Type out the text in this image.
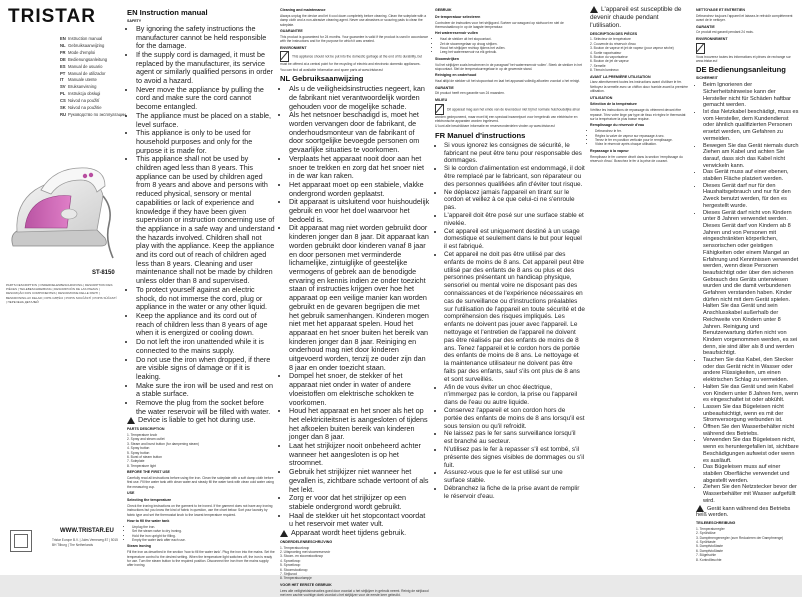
TRISTAR
EN Instruction manual
NL Gebruiksaanwijzing
FR Mode d'emploi
DE Bedienungsanleitung
ES Manual de usuario
PT Manual de utilizador
IT Manuale utente
SV Bruksanvisning
PL Instrukcja obsługi
CS Návod na použití
SK Návod na použitie
RU Руководство по эксплуатации
ST-8150
PARTS DESCRIPTION | ONDERDELENBESCHRIJVING | DESCRIPTION DES PIÈCES | TEILEBESCHREIBUNG | DESCRIPCIÓN DE LAS PIEZAS | DESCRIÇÃO DOS COMPONENTES | DESCRIZIONE DELLE PARTI | BESKRIVNING AV DELAR | OPIS CZĘŚCI | POPIS SOUČÁSTÍ | POPIS SÚČASTÍ | ПЕРЕЧЕНЬ ДЕТАЛЕЙ
WWW.TRISTAR.EU
Tristar Europe B.V. | Jules Verneweg 87 | 5015 BH Tilburg | The Netherlands
EN Instruction manual
SAFETY
• By ignoring the safety instructions the manufacturer cannot be held responsible for the damage.
• If the supply cord is damaged, it must be replaced by the manufacturer, its service agent or similarly qualified persons in order to avoid a hazard.
• Never move the appliance by pulling the cord and make sure the cord cannot become entangled.
• The appliance must be placed on a stable, level surface.
• This appliance is only to be used for household purposes and only for the purpose it is made for.
• This appliance shall not be used by children aged less than 8 years. This appliance can be used by children aged from 8 years and above and persons with reduced physical, sensory or mental capabilities or lack of experience and knowledge if they have been given supervision or instruction concerning use of the appliance in a safe way and understand the hazards involved. Children shall not play with the appliance. Keep the appliance and its cord out of reach of children aged less than 8 years. Cleaning and user maintenance shall not be made by children unless older than 8 and supervised.
• To protect yourself against an electric shock, do not immerse the cord, plug or appliance in the water or any other liquid.
• Keep the appliance and its cord out of reach of children less than 8 years of age when it is energized or cooling down.
• Do not left the iron unattended while it is connected to the mains supply.
• Do not use the iron when dropped, if there are visible signs of damage or if it is leaking.
• Make sure the iron will be used and rest on a stable surface.
• Remove the plug from the socket before the water reservoir will be filled with water.

Device is liable to get hot during use.

PARTS DESCRIPTION
1. Temperature knob
2. Spray and steam outlet
3. Steam and burst button (for dampening steam)
4. Spray button
5. Spray button
6. Burst of steam button
7. Soleplate
8. Temperature light
BEFORE THE FIRST USE

Carefully read all instructions before using the iron. Clean the soleplate with a soft damp cloth before first use. Fill the water tank with clean water and steady fill the water tank with clean cold water using the measuring cup.

USE
Selecting the temperature

Check the ironing instructions on the garment to be ironed. If the garment does not have any ironing instructions but you know the kind of fabric in question, use the chart below. Sort your laundry by fabric type and set the thermostat knob to the lowest temperature required.

How to fill the water tank
• Unplug the iron.
• Set the steam valve to dry ironing.
• Hold the iron upright for filling.
• Empty the water tank after each use.
Steam ironing

Fill the iron as described in the section 'how to fill the water tank'. Plug the iron into the mains. Set the temperature control to the desired setting. When the temperature light switches off, the iron is ready for use. Turn the steam button to the required position. Disconnect the iron from the mains supply after ironing.

Cleaning and maintenance

Always unplug the device and let it cool down completely before cleaning. Clean the soleplate with a damp cloth and a non-abrasive cleaning agent. Never use abrasives or scouring pads to clean the soleplate.

GUARANTEE

This product is guaranteed for 24 months. Your guarantee is valid if the product is used in accordance with the instructions and for the purpose for which it was created.

ENVIRONMENT

This appliance should not be put into the domestic garbage at the end of its durability, but must be offered at a central point for the recycling of electric and electronic domestic appliances.

You can find all available information and spare parts at www.tristar.eu!

NL Gebruiksaanwijzing
• Als u de veiligheidsinstructies negeert, kan de fabrikant niet verantwoordelijk worden gehouden voor de mogelijke schade.
• Als het netsnoer beschadigd is, moet het worden vervangen door de fabrikant, de onderhoudsmonteur van de fabrikant of door soortgelijke bevoegde personen om gevaarlijke situaties te voorkomen.
• Verplaats het apparaat nooit door aan het snoer te trekken en zorg dat het snoer niet in de war kan raken.
• Het apparaat moet op een stabiele, vlakke ondergrond worden geplaatst.
• Dit apparaat is uitsluitend voor huishoudelijk gebruik en voor het doel waarvoor het bedoeld is.
• Dit apparaat mag niet worden gebruikt door kinderen jonger dan 8 jaar. Dit apparaat kan worden gebruikt door kinderen vanaf 8 jaar en door personen met verminderde lichamelijke, zintuiglijke of geestelijke vermogens of gebrek aan de benodigde ervaring en kennis indien ze onder toezicht staan of instructies krijgen over hoe het apparaat op een veilige manier kan worden gebruikt en de gevaren begrijpen die met het gebruik samenhangen. Kinderen mogen niet met het apparaat spelen. Houd het apparaat en het snoer buiten het bereik van kinderen jonger dan 8 jaar. Reiniging en onderhoud mag niet door kinderen uitgevoerd worden, tenzij ze ouder zijn dan 8 jaar en onder toezicht staan.
• Dompel het snoer, de stekker of het apparaat niet onder in water of andere vloeistoffen om elektrische schokken te voorkomen.
• Houd het apparaat en het snoer als het op het elektriciteitsnet is aangesloten of tijdens het afkoelen buiten bereik van kinderen jonger dan 8 jaar.
• Laat het strijkijzer nooit onbeheerd achter wanneer het aangesloten is op het stroomnet.
• Gebruik het strijkijzer niet wanneer het gevallen is, zichtbare schade vertoont of als het lekt.
• Zorg er voor dat het strijkijzer op een stabiele ondergrond wordt gebruikt.
• Haal de stekker uit het stopcontact voordat u het reservoir met water vult.

Apparaat wordt heet tijdens gebruik.

ONDERDELENBESCHRIJVING
1. Temperatuurknop
2. Uitsproeiing met stoomreservoir
3. Stoom- en stoomstootknop
4. Sproeiknop
5. Sproeiknop
6. Stoomstootknop
7. Strijkzool
8. Temperatuurlampje
VOOR HET EERSTE GEBRUIK

Lees alle veiligheidsinstructies goed door voordat u het strijkijzer in gebruik neemt. Reinig de strijkzool met een zachte vochtige doek voordat u het strijkijzer voor de eerste keer gebruikt.

GEBRUIK
De temperatuur selecteren

Controleer de instructies voor het strijkgoed. Sorteer uw wasgoed op stofsoort en stel de thermostaatknop in op de laagste temperatuur.

Het waterreservoir vullen
• Haal de stekker uit het stopcontact.
• Zet de stoomregelaar op droog strijken.
• Houd het strijkijzer rechtop tijdens het vullen.
• Leeg het waterreservoir na elk gebruik.
Stoomstrijken

Vul het strijkijzer zoals beschreven in de paragraaf 'het waterreservoir vullen'. Steek de stekker in het stopcontact. Stel de temperatuurregelaar in op de gewenste stand.

Reiniging en onderhoud

Haal altijd de stekker uit het stopcontact en laat het apparaat volledig afkoelen voordat u het reinigt.

GARANTIE

Dit product heeft een garantie van 24 maanden.

MILIEU

Dit apparaat mag aan het einde van de levensduur niet bij het normale huishoudelijke afval worden gedeponeerd, maar moet bij een speciaal inzamelpunt voor hergebruik van elektrische en elektronische apparaten worden ingeleverd.

U kunt alle beschikbare informatie en reserveonderdelen vinden op www.tristar.eu!

FR Manuel d'instructions
• Si vous ignorez les consignes de sécurité, le fabricant ne peut être tenu pour responsable des dommages.
• Si le cordon d'alimentation est endommagé, il doit être remplacé par le fabricant, son réparateur ou des personnes qualifiées afin d'éviter tout risque.
• Ne déplacez jamais l'appareil en tirant sur le cordon et veillez à ce que celui-ci ne s'enroule pas.
• L'appareil doit être posé sur une surface stable et nivelée.
• Cet appareil est uniquement destiné à un usage domestique et seulement dans le but pour lequel il est fabriqué.
• Cet appareil ne doit pas être utilisé par des enfants de moins de 8 ans. Cet appareil peut être utilisé par des enfants de 8 ans ou plus et des personnes présentant un handicap physique, sensoriel ou mental voire ne disposant pas des connaissances et de l'expérience nécessaires en cas de surveillance ou d'instructions préalables sur l'utilisation de l'appareil en toute sécurité et de compréhension des risques impliqués. Les enfants ne doivent pas jouer avec l'appareil. Le nettoyage et l'entretien de l'appareil ne doivent pas être réalisés par des enfants de moins de 8 ans. Tenez l'appareil et le cordon hors de portée des enfants de moins de 8 ans. Le nettoyage et la maintenance utilisateur ne doivent pas être faits par des enfants, sauf s'ils ont plus de 8 ans et sont surveillés.
• Afin de vous éviter un choc électrique, n'immergez pas le cordon, la prise ou l'appareil dans de l'eau ou autre liquide.
• Conservez l'appareil et son cordon hors de portée des enfants de moins de 8 ans lorsqu'il est sous tension ou qu'il refroidit.
• Ne laissez pas le fer sans surveillance lorsqu'il est branché au secteur.
• N'utilisez pas le fer à repasser s'il est tombé, s'il présente des signes visibles de dommages ou s'il fuit.
• Assurez-vous que le fer est utilisé sur une surface stable.
• Débranchez la fiche de la prise avant de remplir le réservoir d'eau.

L'appareil est susceptible de devenir chaude pendant l'utilisation.

DESCRIPTION DES PIÈCES
1. Sélecteur de température
2. Couvercle du réservoir d'eau
3. Bouton de vapeur et jet de vapeur (pour vapeur sèche)
4. Sortie vaporisateur
5. Bouton du vaporisateur
6. Bouton de jet de vapeur
7. Semelle
8. Témoin lumineux
AVANT LA PREMIÈRE UTILISATION

Lisez attentivement toutes les instructions avant d'utiliser le fer. Nettoyez la semelle avec un chiffon doux humide avant la première utilisation.

UTILISATION
Sélection de la température

Vérifiez les instructions de repassage du vêtement devant être repassé. Triez votre linge par type de tissu et réglez le thermostat sur la température la plus basse requise.

Remplissage du réservoir d'eau
• Débranchez le fer.
• Réglez la valve de vapeur sur repassage à sec.
• Tenez le fer en position verticale pour le remplissage.
• Videz le réservoir après chaque utilisation.
Repassage à la vapeur

Remplissez le fer comme décrit dans la section 'remplissage du réservoir d'eau'. Branchez le fer à la prise de courant.

NETTOYAGE ET ENTRETIEN

Débranchez toujours l'appareil et laissez-le refroidir complètement avant de le nettoyer.

GARANTIE

Ce produit est garanti pendant 24 mois.

ENVIRONNEMENT

Vous trouverez toutes les informations et pièces de rechange sur www.tristar.eu!

DE Bedienungsanleitung
SICHERHEIT
• Beim Ignorieren der Sicherheitshinweise kann der Hersteller nicht für Schäden haftbar gemacht werden.
• Ist das Netzkabel beschädigt, muss es vom Hersteller, dem Kundendienst oder ähnlich qualifizierten Personen ersetzt werden, um Gefahren zu vermeiden.
• Bewegen Sie das Gerät niemals durch Ziehen am Kabel und achten Sie darauf, dass sich das Kabel nicht verwickeln kann.
• Das Gerät muss auf einer ebenen, stabilen Fläche platziert werden.
• Dieses Gerät darf nur für den Haushaltsgebrauch und nur für den Zweck benutzt werden, für den es hergestellt wurde.
• Dieses Gerät darf nicht von Kindern unter 8 Jahren verwendet werden. Dieses Gerät darf von Kindern ab 8 Jahren und von Personen mit eingeschränkten körperlichen, sensorischen oder geistigen Fähigkeiten oder einem Mangel an Erfahrung und Kenntnissen verwendet werden, wenn diese Personen beaufsichtigt oder über den sicheren Gebrauch des Geräts unterwiesen wurden und die damit verbundenen Gefahren verstanden haben. Kinder dürfen nicht mit dem Gerät spielen. Halten Sie das Gerät und sein Anschlusskabel außerhalb der Reichweite von Kindern unter 8 Jahren. Reinigung und Benutzerwartung dürfen nicht von Kindern vorgenommen werden, es sei denn, sie sind älter als 8 und werden beaufsichtigt.
• Tauchen Sie das Kabel, den Stecker oder das Gerät nicht in Wasser oder andere Flüssigkeiten, um einen elektrischen Schlag zu vermeiden.
• Halten Sie das Gerät und sein Kabel von Kindern unter 8 Jahren fern, wenn es eingeschaltet ist oder abkühlt.
• Lassen Sie das Bügeleisen nicht unbeaufsichtigt, wenn es mit der Stromversorgung verbunden ist.
• Öffnen Sie den Wasserbehälter nicht während des Betriebs.
• Verwenden Sie das Bügeleisen nicht, wenn es heruntergefallen ist, sichtbare Beschädigungen aufweist oder wenn es ausläuft.
• Das Bügeleisen muss auf einer stabilen Oberfläche verwendet und abgestellt werden.
• Ziehen Sie den Netzstecker bevor der Wasserbehälter mit Wasser aufgefüllt wird.

Gerät kann während des Betriebs heiß werden.

TEILEBESCHREIBUNG
1. Temperaturregler
2. Sprühdüse
3. Dampfmengenregler (zum Reduzieren der Dampfmenge)
4. Sprühtaste
5. Dampfstoßtaste
6. Dampfstoßtaste
7. Bügelsohle
8. Kontrollleuchte
